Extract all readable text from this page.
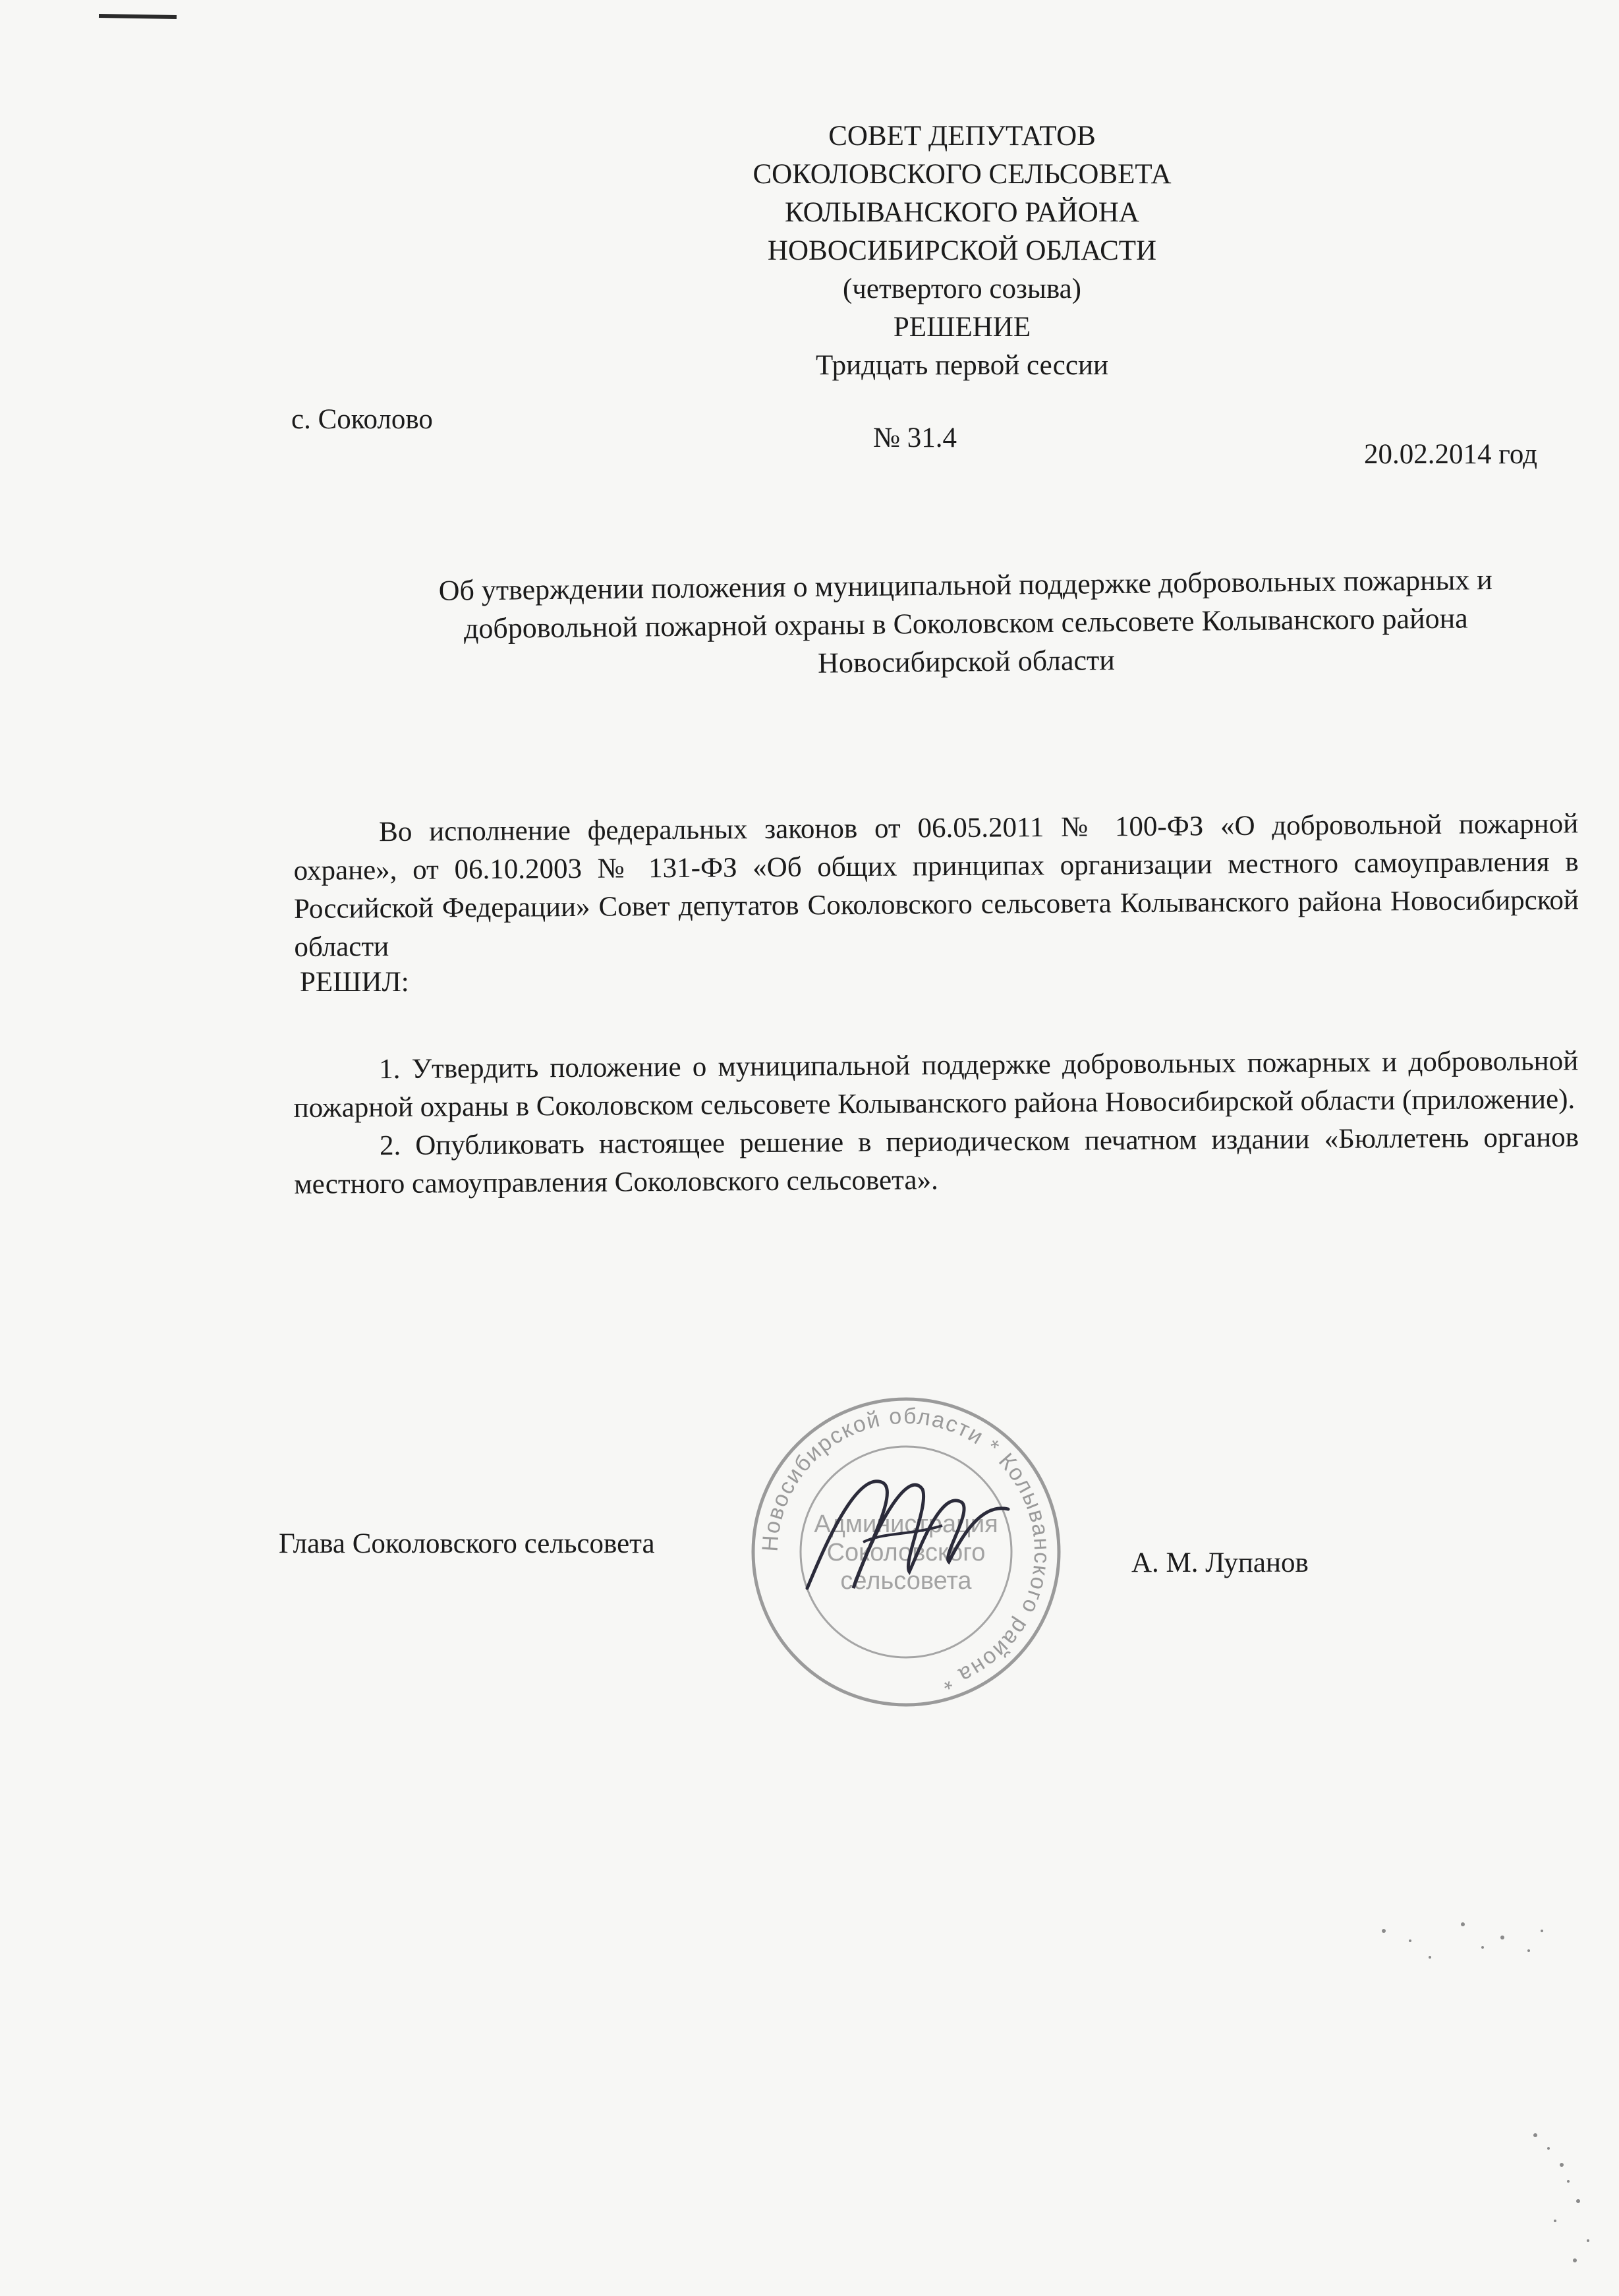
СОВЕТ ДЕПУТАТОВ
СОКОЛОВСКОГО СЕЛЬСОВЕТА
КОЛЫВАНСКОГО РАЙОНА
НОВОСИБИРСКОЙ ОБЛАСТИ
(четвертого созыва)
РЕШЕНИЕ
Тридцать первой сессии
с. Соколово
№ 31.4
20.02.2014 год
Об утверждении положения о муниципальной поддержке добровольных пожарных и
добровольной пожарной охраны в Соколовском сельсовете Колыванского района
Новосибирской области

Во исполнение федеральных законов от 06.05.2011 № 100-ФЗ «О добровольной пожарной охране», от 06.10.2003 № 131-ФЗ «Об общих принципах организации местного самоуправления в Российской Федерации» Совет депутатов Соколовского сельсовета Колыванского района Новосибирской области

РЕШИЛ:

1. Утвердить положение о муниципальной поддержке добровольных пожарных и добровольной пожарной охраны в Соколовском сельсовете Колыванского района Новосибирской области (приложение).

2. Опубликовать настоящее решение в периодическом печатном издании «Бюллетень органов местного самоуправления Соколовского сельсовета».

Глава Соколовского сельсовета
А. М. Лупанов
Новосибирской области * Колыванского района *
Администрация
Соколовского
сельсовета
